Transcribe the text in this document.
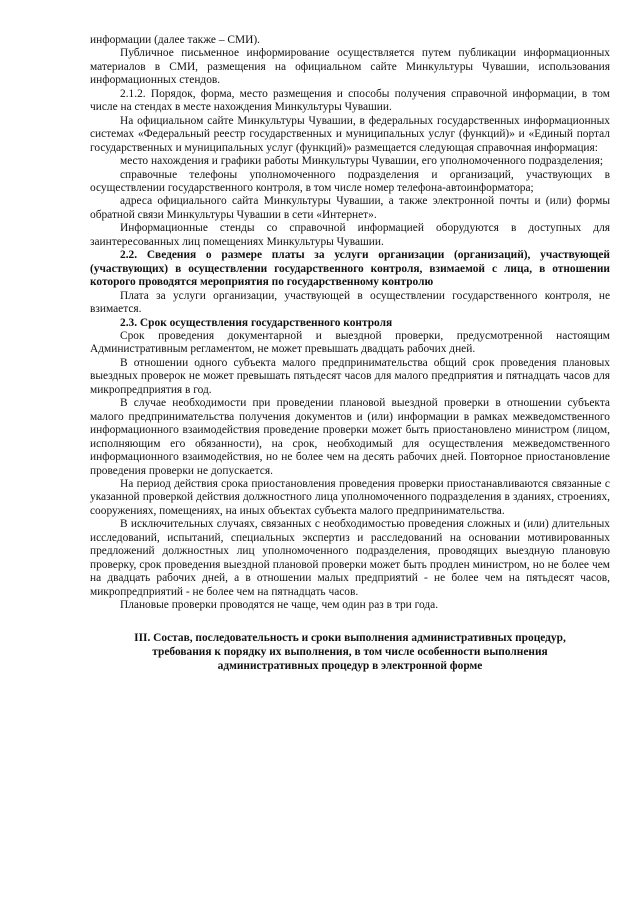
информации (далее также – СМИ).

Публичное письменное информирование осуществляется путем публикации информационных материалов в СМИ, размещения на официальном сайте Минкультуры Чувашии, использования информационных стендов.

2.1.2. Порядок, форма, место размещения и способы получения справочной информации, в том числе на стендах в месте нахождения Минкультуры Чувашии.

На официальном сайте Минкультуры Чувашии, в федеральных государственных информационных системах «Федеральный реестр государственных и муниципальных услуг (функций)» и «Единый портал государственных и муниципальных услуг (функций)» размещается следующая справочная информация:

место нахождения и графики работы Минкультуры Чувашии, его уполномоченного подразделения;

справочные телефоны уполномоченного подразделения и организаций, участвующих в осуществлении государственного контроля, в том числе номер телефона-автоинформатора;

адреса официального сайта Минкультуры Чувашии, а также электронной почты и (или) формы обратной связи Минкультуры Чувашии в сети «Интернет».

Информационные стенды со справочной информацией оборудуются в доступных для заинтересованных лиц помещениях Минкультуры Чувашии.

2.2. Сведения о размере платы за услуги организации (организаций), участвующей (участвующих) в осуществлении государственного контроля, взимаемой с лица, в отношении которого проводятся мероприятия по государственному контролю

Плата за услуги организации, участвующей в осуществлении государственного контроля, не взимается.

2.3. Срок осуществления государственного контроля

Срок проведения документарной и выездной проверки, предусмотренной настоящим Административным регламентом, не может превышать двадцать рабочих дней.

В отношении одного субъекта малого предпринимательства общий срок проведения плановых выездных проверок не может превышать пятьдесят часов для малого предприятия и пятнадцать часов для микропредприятия в год.

В случае необходимости при проведении плановой выездной проверки в отношении субъекта малого предпринимательства получения документов и (или) информации в рамках межведомственного информационного взаимодействия проведение проверки может быть приостановлено министром (лицом, исполняющим его обязанности), на срок, необходимый для осуществления межведомственного информационного взаимодействия, но не более чем на десять рабочих дней. Повторное приостановление проведения проверки не допускается.

На период действия срока приостановления проведения проверки приостанавливаются связанные с указанной проверкой действия должностного лица уполномоченного подразделения в зданиях, строениях, сооружениях, помещениях, на иных объектах субъекта малого предпринимательства.

В исключительных случаях, связанных с необходимостью проведения сложных и (или) длительных исследований, испытаний, специальных экспертиз и расследований на основании мотивированных предложений должностных лиц уполномоченного подразделения, проводящих выездную плановую проверку, срок проведения выездной плановой проверки может быть продлен министром, но не более чем на двадцать рабочих дней, а в отношении малых предприятий - не более чем на пятьдесят часов, микропредприятий - не более чем на пятнадцать часов.

Плановые проверки проводятся не чаще, чем один раз в три года.

III. Состав, последовательность и сроки выполнения административных процедур, требования к порядку их выполнения, в том числе особенности выполнения административных процедур в электронной форме
